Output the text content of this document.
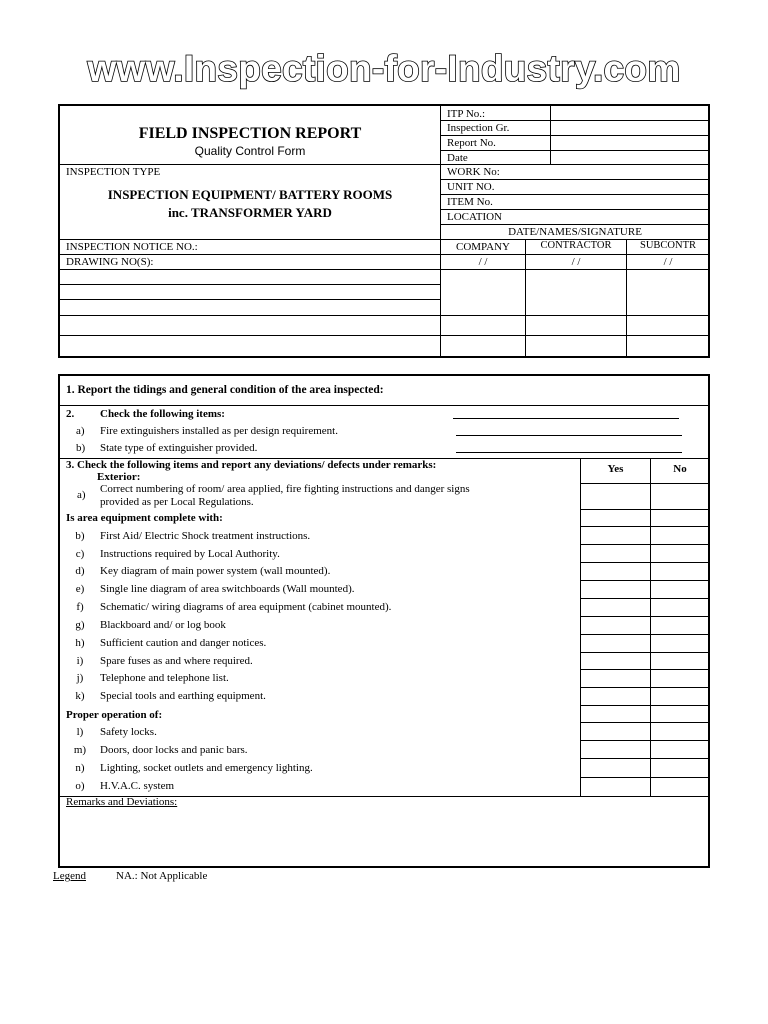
www.Inspection-for-Industry.com
FIELD INSPECTION REPORT
Quality Control Form
INSPECTION TYPE
INSPECTION EQUIPMENT/ BATTERY ROOMS
inc. TRANSFORMER YARD
INSPECTION NOTICE NO.:
DRAWING NO(S):
ITP No.:
Inspection Gr.
Report No.
Date
WORK No:
UNIT NO.
ITEM No.
LOCATION
DATE/NAMES/SIGNATURE
COMPANY	CONTRACTOR	SUBCONTR
/ /	/ /	/ /
1. Report the tidings and general condition of the area inspected:
2. Check the following items:
a) Fire extinguishers installed as per design requirement.
b) State type of extinguisher provided.
3. Check the following items and report any deviations/ defects under remarks:	Yes	No
Exterior:
a) Correct numbering of room/ area applied, fire fighting instructions and danger signs
provided as per Local Regulations.
Is area equipment complete with:
b)	First Aid/ Electric Shock treatment instructions.
c)	Instructions required by Local Authority.
d)	Key diagram of main power system (wall mounted).
e)	Single line diagram of area switchboards (Wall mounted).
f)	Schematic/ wiring diagrams of area equipment (cabinet mounted).
g)	Blackboard and/ or log book
h)	Sufficient caution and danger notices.
i)	Spare fuses as and where required.
j)	Telephone and telephone list.
k)	Special tools and earthing equipment.
Proper operation of:
l)	Safety locks.
m)	Doors, door locks and panic bars.
n)	Lighting, socket outlets and emergency lighting.
o)	H.V.A.C. system
Remarks and Deviations:
Legend	NA.: Not Applicable
